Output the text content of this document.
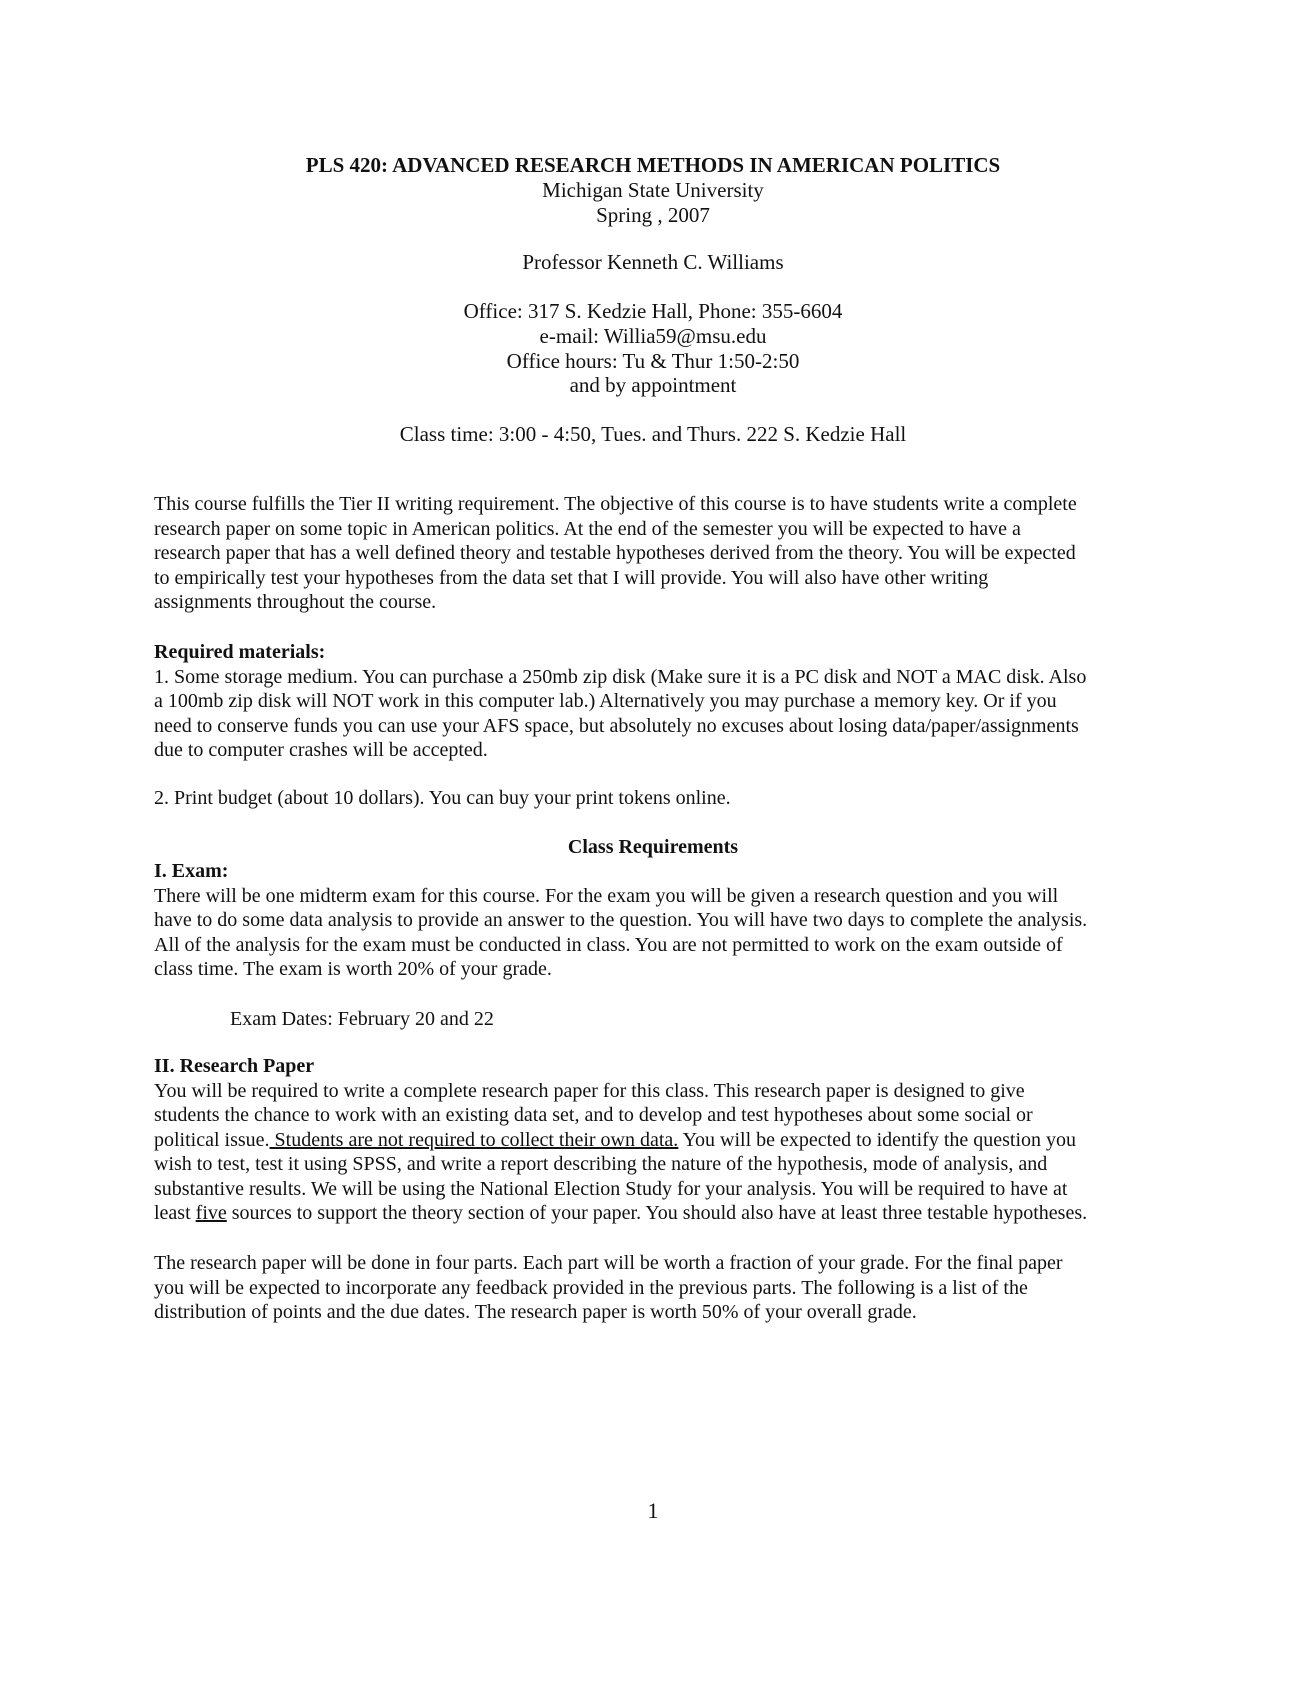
PLS 420: ADVANCED RESEARCH METHODS IN AMERICAN POLITICS
Michigan State University
Spring , 2007
Professor Kenneth C. Williams
Office: 317 S. Kedzie Hall, Phone: 355-6604
e-mail: Willia59@msu.edu
Office hours: Tu & Thur 1:50-2:50
and by appointment
Class time: 3:00 - 4:50, Tues. and Thurs. 222 S. Kedzie Hall
This course fulfills the Tier II writing requirement. The objective of this course is to have students write a complete
research paper on some topic in American politics. At the end of the semester you will be expected to have a
research paper that has a well defined theory and testable hypotheses derived from the theory. You will be expected
to empirically test your hypotheses from the data set that I will provide. You will also have other writing
assignments throughout the course.
Required materials:
1. Some storage medium. You can purchase a 250mb zip disk (Make sure it is a PC disk and NOT a MAC disk. Also
a 100mb zip disk will NOT work in this computer lab.) Alternatively you may purchase a memory key. Or if you
need to conserve funds you can use your AFS space, but absolutely no excuses about losing data/paper/assignments
due to computer crashes will be accepted.
2. Print budget (about 10 dollars). You can buy your print tokens online.
Class Requirements
I. Exam:
There will be one midterm exam for this course. For the exam you will be given a research question and you will
have to do some data analysis to provide an answer to the question. You will have two days to complete the analysis.
All of the analysis for the exam must be conducted in class. You are not permitted to work on the exam outside of
class time. The exam is worth 20% of your grade.
Exam Dates: February 20 and 22
II. Research Paper
You will be required to write a complete research paper for this class. This research paper is designed to give
students the chance to work with an existing data set, and to develop and test hypotheses about some social or
political issue. Students are not required to collect their own data. You will be expected to identify the question you
wish to test, test it using SPSS, and write a report describing the nature of the hypothesis, mode of analysis, and
substantive results. We will be using the National Election Study for your analysis. You will be required to have at
least five sources to support the theory section of your paper. You should also have at least three testable hypotheses.
The research paper will be done in four parts. Each part will be worth a fraction of your grade. For the final paper
you will be expected to incorporate any feedback provided in the previous parts. The following is a list of the
distribution of points and the due dates. The research paper is worth 50% of your overall grade.
1
